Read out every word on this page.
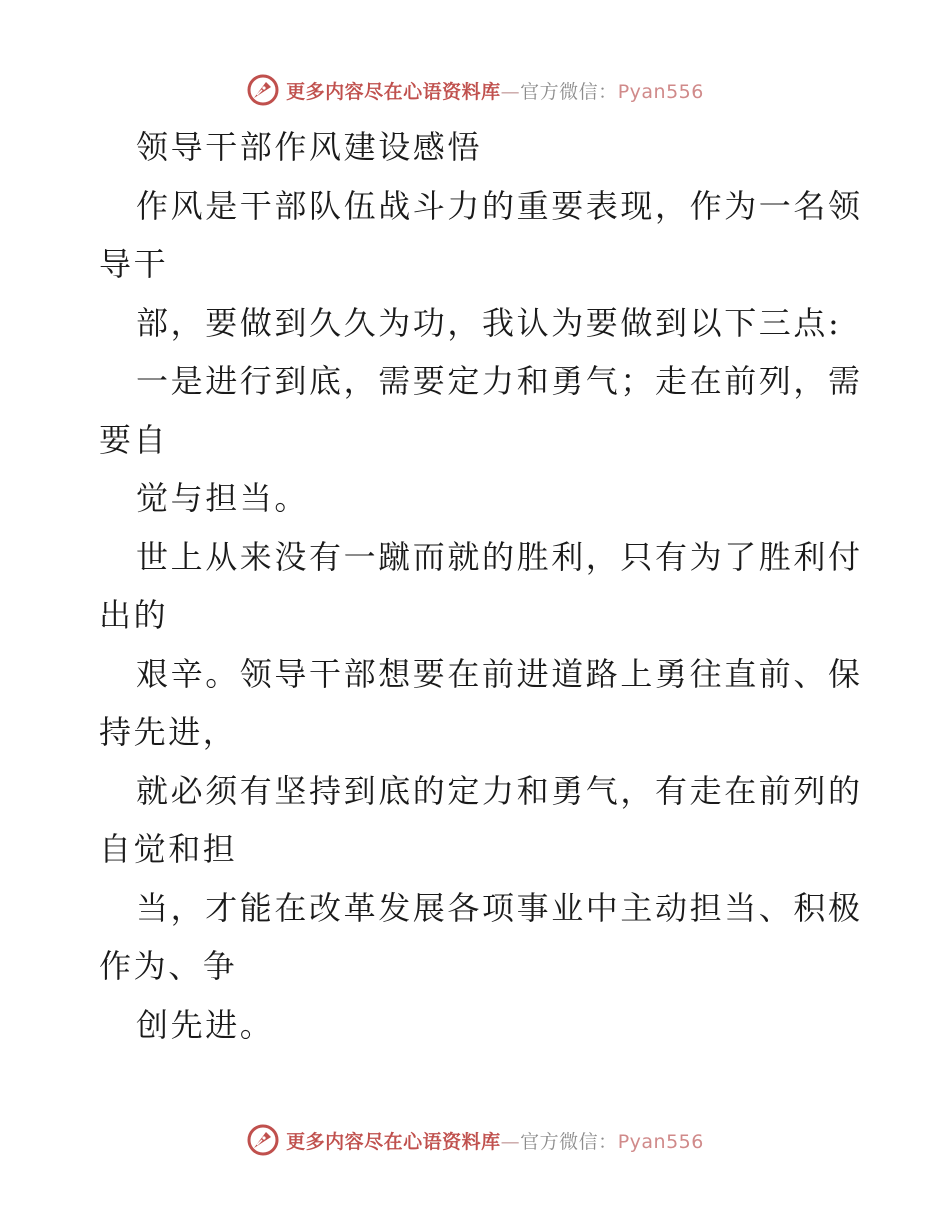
更多内容尽在心语资料库—官方微信：Pyan556
领导干部作风建设感悟
作风是干部队伍战斗力的重要表现，作为一名领
导干
部，要做到久久为功，我认为要做到以下三点:
一是进行到底，需要定力和勇气；走在前列，需
要自
觉与担当。
世上从来没有一蹴而就的胜利，只有为了胜利付
出的
艰辛。领导干部想要在前进道路上勇往直前、保
持先进，
就必须有坚持到底的定力和勇气，有走在前列的
自觉和担
当，才能在改革发展各项事业中主动担当、积极
作为、争
创先进。
更多内容尽在心语资料库—官方微信：Pyan556
